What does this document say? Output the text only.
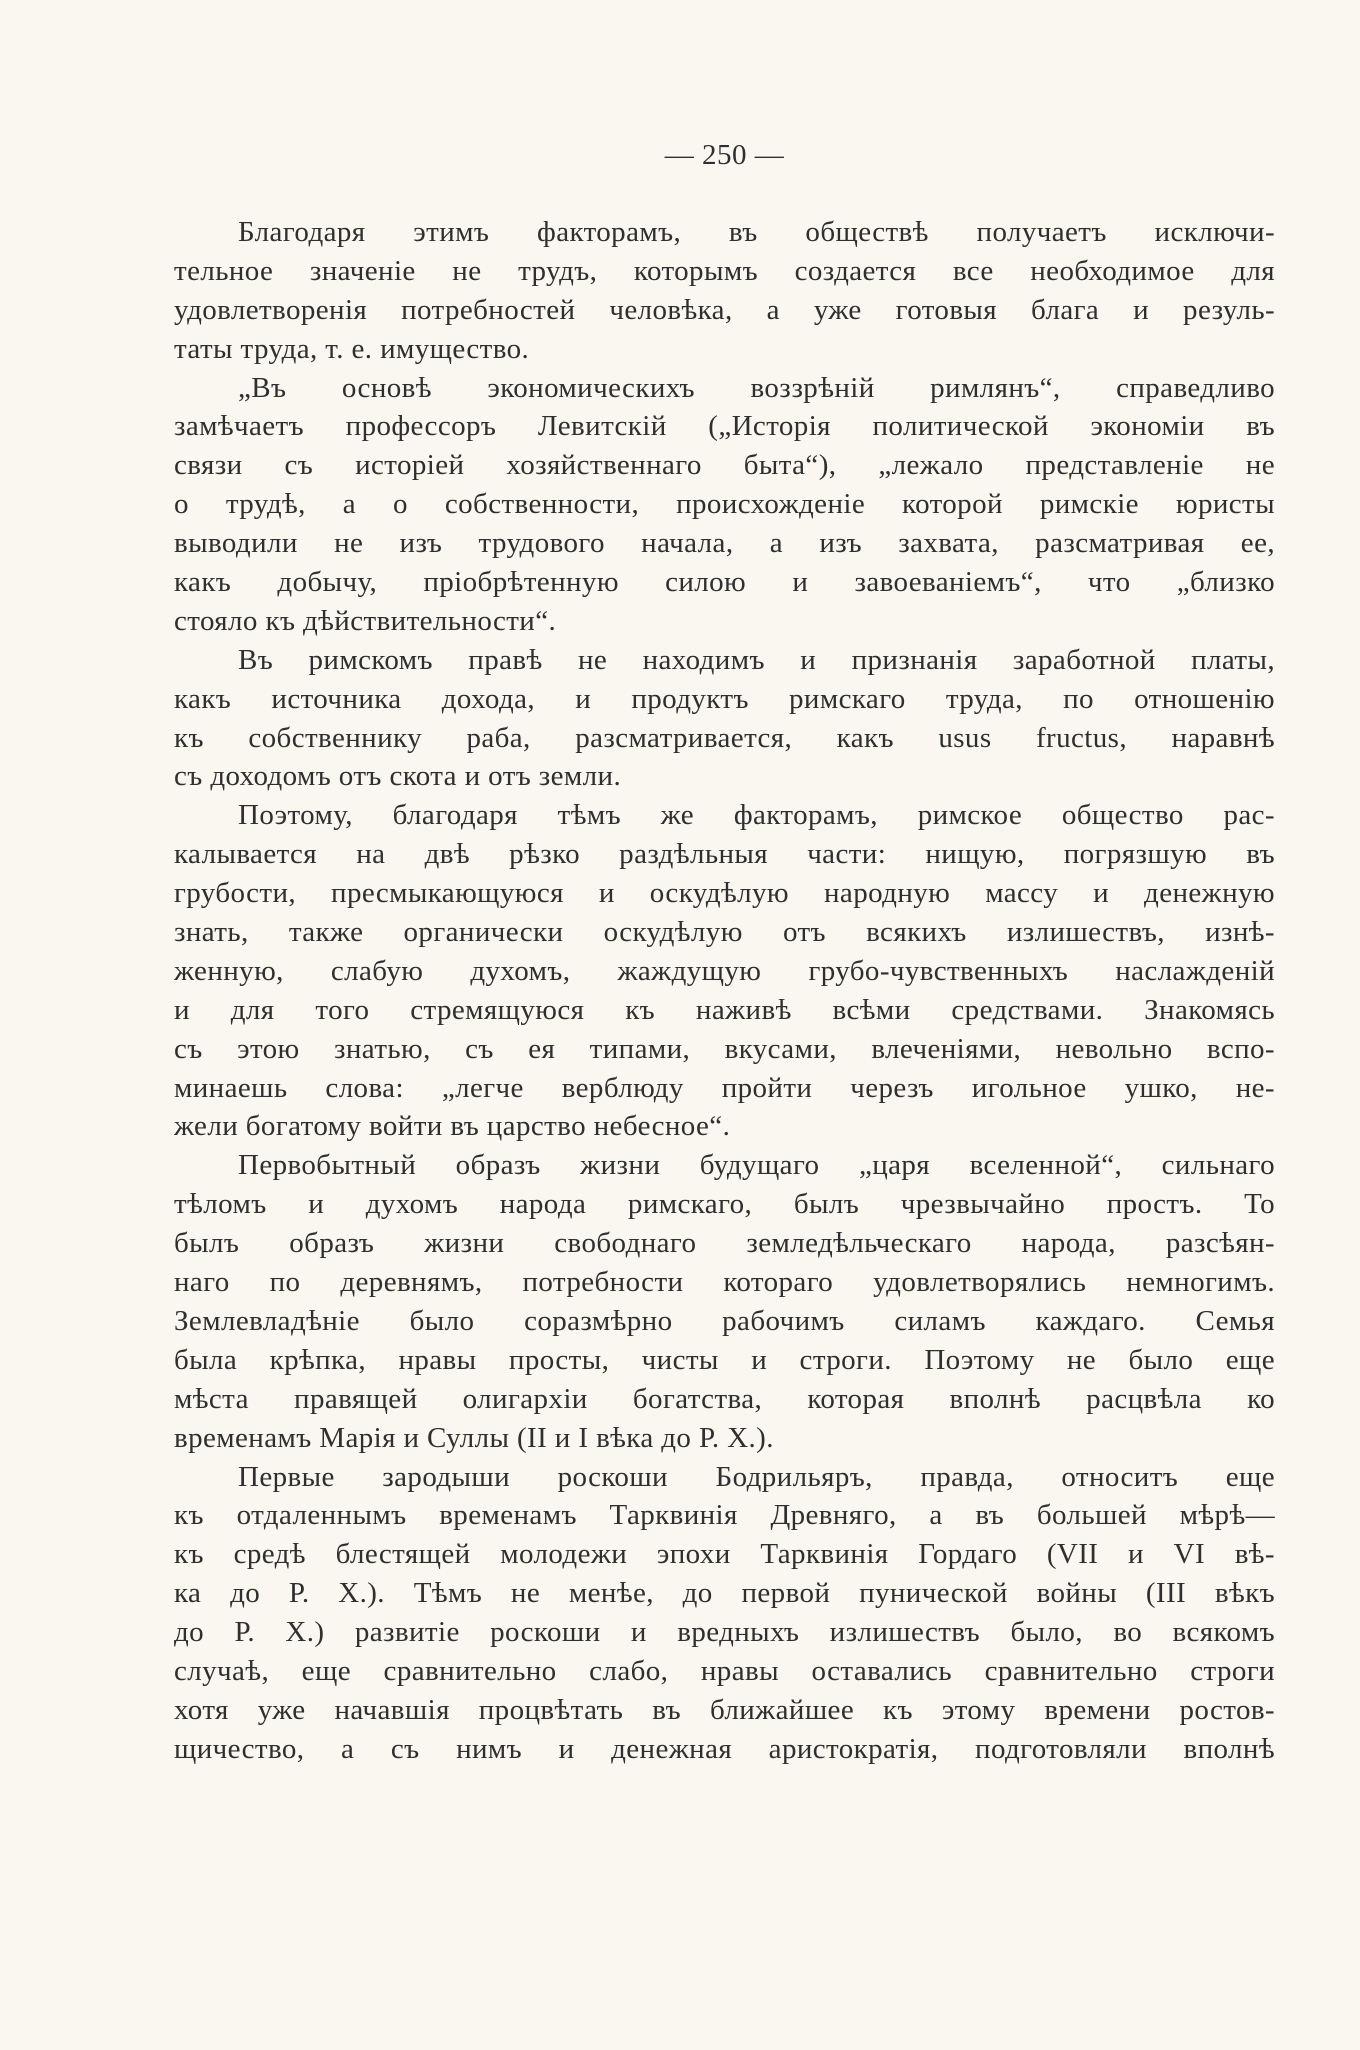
— 250 —
Благодаря этимъ факторамъ, въ обществѣ получаетъ исключи-
тельное значеніе не трудъ, которымъ создается все необходимое для
удовлетворенія потребностей человѣка, а уже готовыя блага и резуль-
таты труда, т. е. имущество.
„Въ основѣ экономическихъ воззрѣній римлянъ“, справедливо
замѣчаетъ профессоръ Левитскій („Исторія политической экономіи въ
связи съ исторіей хозяйственнаго быта“), „лежало представленіе не
о трудѣ, а о собственности, происхожденіе которой римскіе юристы
выводили не изъ трудового начала, а изъ захвата, разсматривая ее,
какъ добычу, пріобрѣтенную силою и завоеваніемъ“, что „близко
стояло къ дѣйствительности“.
Въ римскомъ правѣ не находимъ и признанія заработной платы,
какъ источника дохода, и продуктъ римскаго труда, по отношенію
къ собственнику раба, разсматривается, какъ usus fructus, наравнѣ
съ доходомъ отъ скота и отъ земли.
Поэтому, благодаря тѣмъ же факторамъ, римское общество рас-
калывается на двѣ рѣзко раздѣльныя части: нищую, погрязшую въ
грубости, пресмыкающуюся и оскудѣлую народную массу и денежную
знать, также органически оскудѣлую отъ всякихъ излишествъ, изнѣ-
женную, слабую духомъ, жаждущую грубо-чувственныхъ наслажденій
и для того стремящуюся къ наживѣ всѣми средствами. Знакомясь
съ этою знатью, съ ея типами, вкусами, влеченіями, невольно вспо-
минаешь слова: „легче верблюду пройти черезъ игольное ушко, не-
жели богатому войти въ царство небесное“.
Первобытный образъ жизни будущаго „царя вселенной“, сильнаго
тѣломъ и духомъ народа римскаго, былъ чрезвычайно простъ. То
былъ образъ жизни свободнаго земледѣльческаго народа, разсѣян-
наго по деревнямъ, потребности котораго удовлетворялись немногимъ.
Землевладѣніе было соразмѣрно рабочимъ силамъ каждаго. Семья
была крѣпка, нравы просты, чисты и строги. Поэтому не было еще
мѣста правящей олигархіи богатства, которая вполнѣ расцвѣла ко
временамъ Марія и Суллы (II и I вѣка до Р. Х.).
Первые зародыши роскоши Бодрильяръ, правда, относитъ еще
къ отдаленнымъ временамъ Тарквинія Древняго, а въ большей мѣрѣ—
къ средѣ блестящей молодежи эпохи Тарквинія Гордаго (VII и VI вѣ-
ка до Р. Х.). Тѣмъ не менѣе, до первой пунической войны (III вѣкъ
до Р. Х.) развитіе роскоши и вредныхъ излишествъ было, во всякомъ
случаѣ, еще сравнительно слабо, нравы оставались сравнительно строги
хотя уже начавшія процвѣтать въ ближайшее къ этому времени ростов-
щичество, а съ нимъ и денежная аристократія, подготовляли вполнѣ
